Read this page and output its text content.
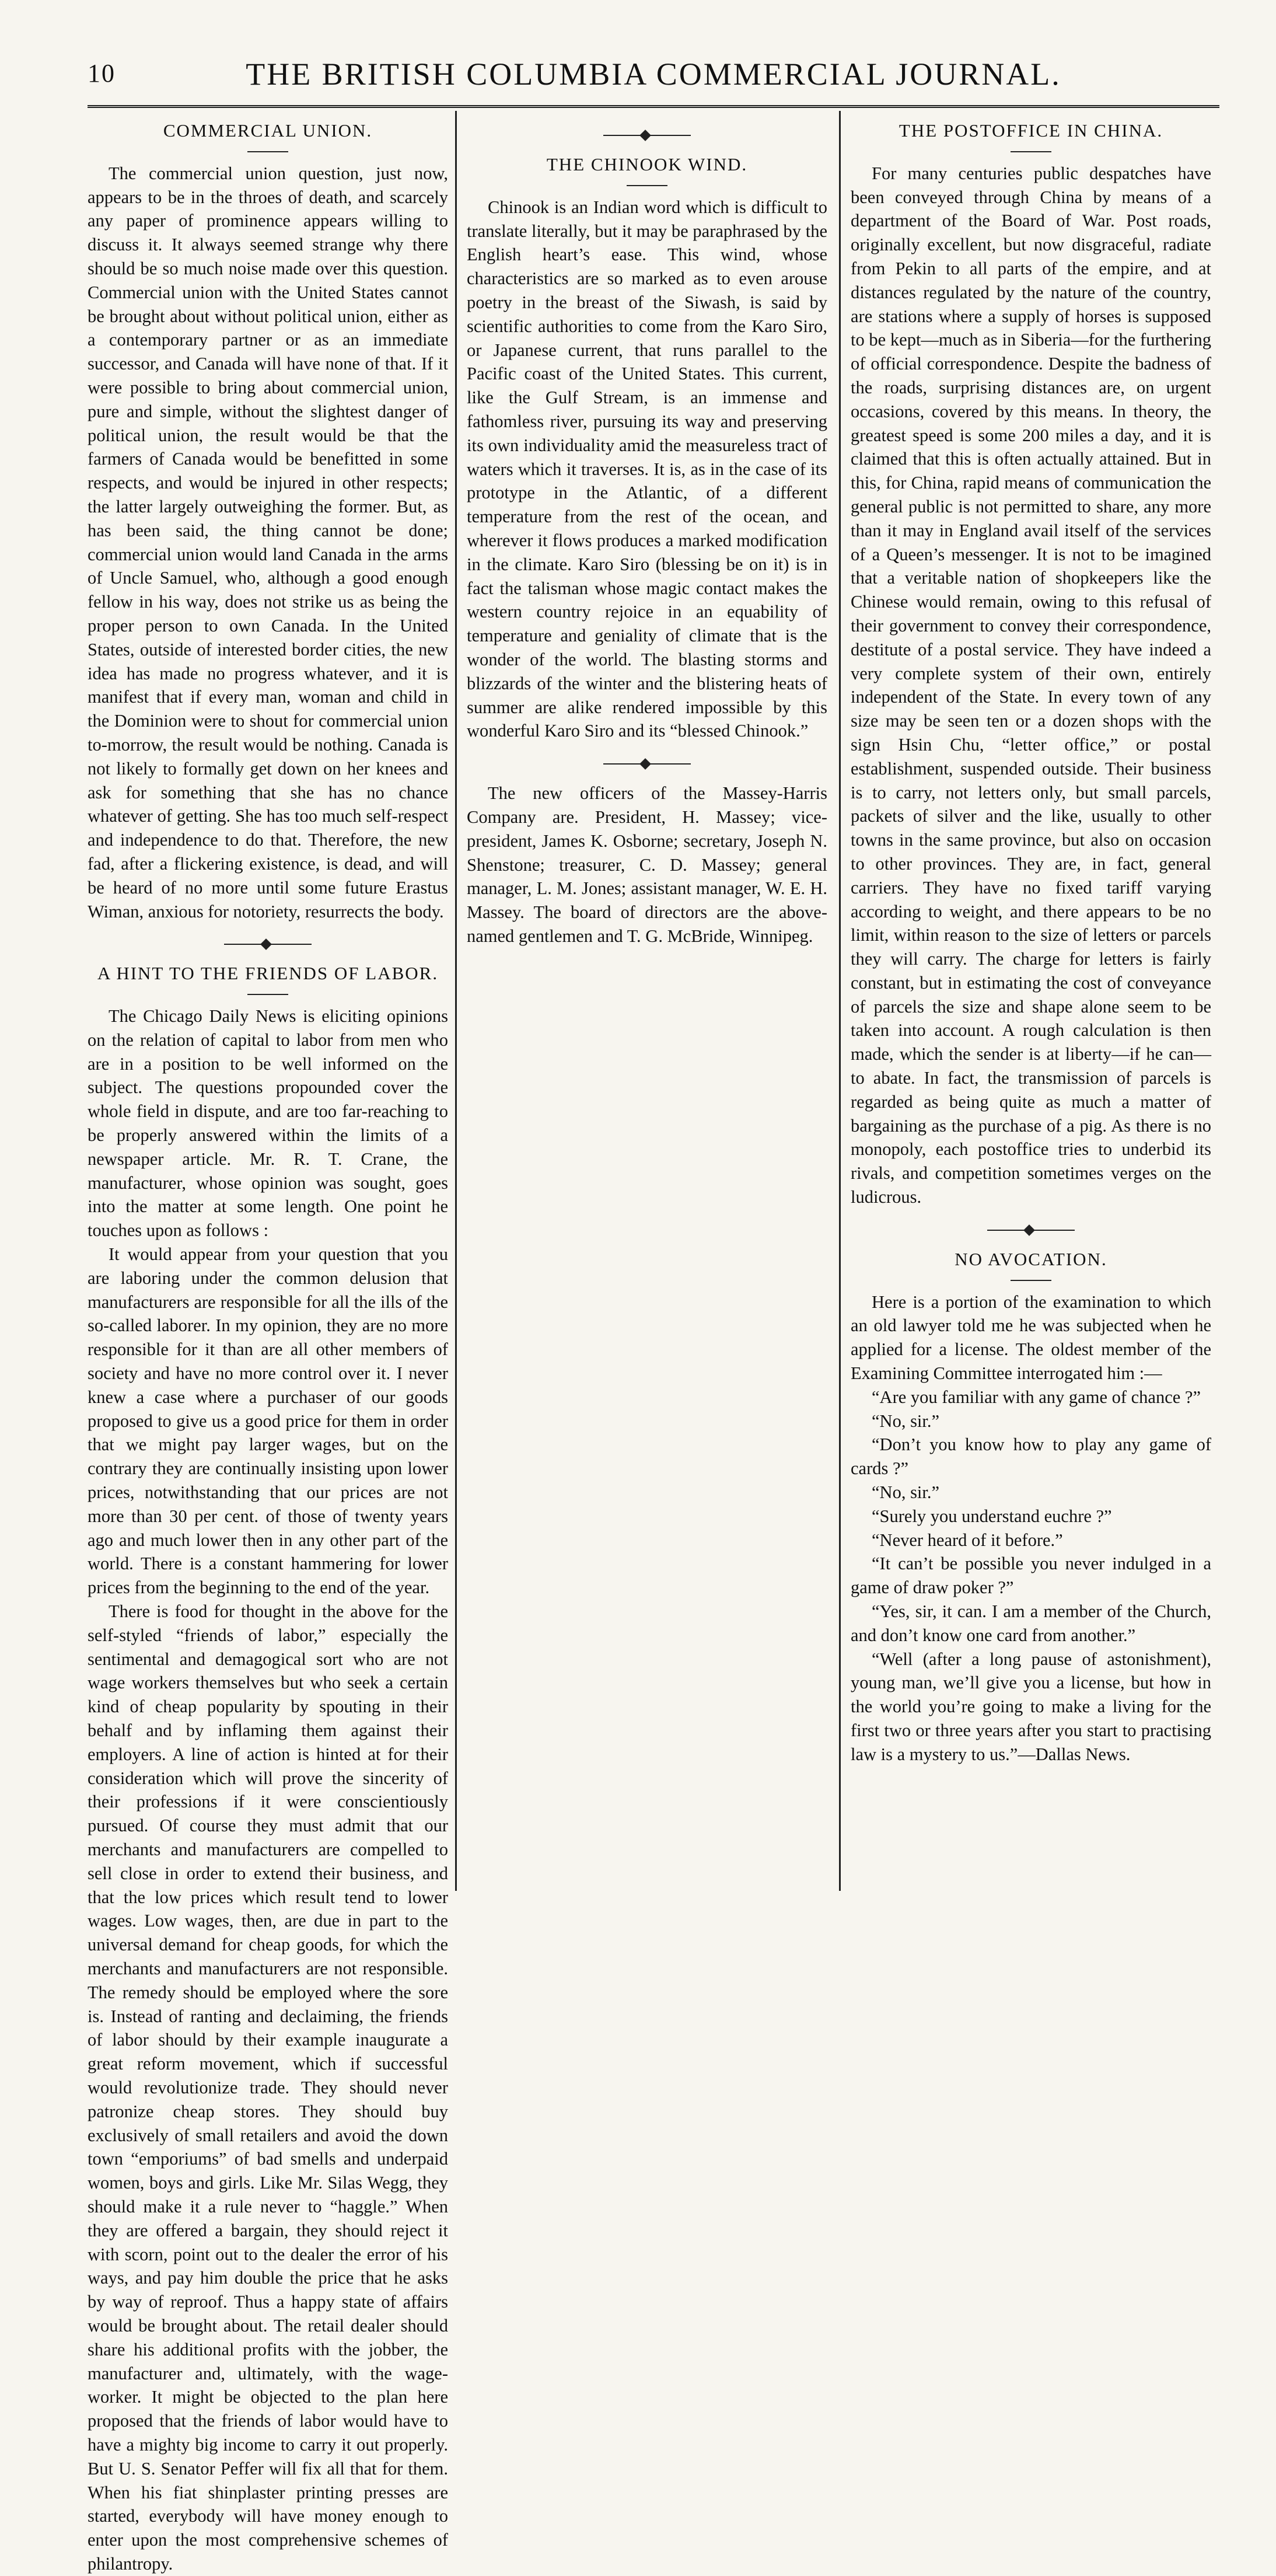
10	THE BRITISH COLUMBIA COMMERCIAL JOURNAL.
COMMERCIAL UNION.

The commercial union question, just now, appears to be in the throes of death, and scarcely any paper of prominence appears willing to discuss it. It always seemed strange why there should be so much noise made over this question. Commercial union with the United States cannot be brought about without political union, either as a contemporary partner or as an immediate successor, and Canada will have none of that. If it were possible to bring about commercial union, pure and simple, without the slightest danger of political union, the result would be that the farmers of Canada would be benefitted in some respects, and would be injured in other respects; the latter largely outweighing the former. But, as has been said, the thing cannot be done; commercial union would land Canada in the arms of Uncle Samuel, who, although a good enough fellow in his way, does not strike us as being the proper person to own Canada. In the United States, outside of interested border cities, the new idea has made no progress whatever, and it is manifest that if every man, woman and child in the Dominion were to shout for commercial union to-morrow, the result would be nothing. Canada is not likely to formally get down on her knees and ask for something that she has no chance whatever of getting. She has too much self-respect and independence to do that. Therefore, the new fad, after a flickering existence, is dead, and will be heard of no more until some future Erastus Wiman, anxious for notoriety, resurrects the body.

A HINT TO THE FRIENDS OF LABOR.

The Chicago Daily News is eliciting opinions on the relation of capital to labor from men who are in a position to be well informed on the subject. The questions propounded cover the whole field in dispute, and are too far-reaching to be properly answered within the limits of a newspaper article. Mr. R. T. Crane, the manufacturer, whose opinion was sought, goes into the matter at some length. One point he touches upon as follows :

It would appear from your question that you are laboring under the common delusion that manufacturers are responsible for all the ills of the so-called laborer. In my opinion, they are no more responsible for it than are all other members of society and have no more control over it. I never knew a case where a purchaser of our goods proposed to give us a good price for them in order that we might pay larger wages, but on the contrary they are continually insisting upon lower prices, notwithstanding that our prices are not more than 30 per cent. of those of twenty years ago and much lower then in any other part of the world. There is a constant hammering for lower prices from the beginning to the end of the year.

There is food for thought in the above for the self-styled “friends of labor,” especially the sentimental and demagogical sort who are not wage workers themselves but who seek a certain kind of cheap popularity by spouting in their behalf and by inflaming them against their employers. A line of action is hinted at for their consideration which will prove the sincerity of their professions if it were conscientiously pursued. Of course they must admit that our merchants and manufacturers are compelled to sell close in order to extend their business, and that the low prices which result tend to lower wages. Low wages, then, are due in part to the universal demand for cheap goods, for which the merchants and manufacturers are not responsible. The remedy should be employed where the sore is. Instead of ranting and declaiming, the friends of labor should by their example inaugurate a great reform movement, which if successful would revolutionize trade. They should never patronize cheap stores. They should buy exclusively of small retailers and avoid the down town “emporiums” of bad smells and underpaid women, boys and girls. Like Mr. Silas Wegg, they should make it a rule never to “haggle.” When they are offered a bargain, they should reject it with scorn, point out to the dealer the error of his ways, and pay him double the price that he asks by way of reproof. Thus a happy state of affairs would be brought about. The retail dealer should share his additional profits with the jobber, the manufacturer and, ultimately, with the wage-worker. It might be objected to the plan here proposed that the friends of labor would have to have a mighty big income to carry it out properly. But U. S. Senator Peffer will fix all that for them. When his fiat shinplaster printing presses are started, everybody will have money enough to enter upon the most comprehensive schemes of philantropy.

THE CHINOOK WIND.

Chinook is an Indian word which is difficult to translate literally, but it may be paraphrased by the English heart’s ease. This wind, whose characteristics are so marked as to even arouse poetry in the breast of the Siwash, is said by scientific authorities to come from the Karo Siro, or Japanese current, that runs parallel to the Pacific coast of the United States. This current, like the Gulf Stream, is an immense and fathomless river, pursuing its way and preserving its own individuality amid the measureless tract of waters which it traverses. It is, as in the case of its prototype in the Atlantic, of a different temperature from the rest of the ocean, and wherever it flows produces a marked modification in the climate. Karo Siro (blessing be on it) is in fact the talisman whose magic contact makes the western country rejoice in an equability of temperature and geniality of climate that is the wonder of the world. The blasting storms and blizzards of the winter and the blistering heats of summer are alike rendered impossible by this wonderful Karo Siro and its “blessed Chinook.”

The new officers of the Massey-Harris Company are. President, H. Massey; vice-president, James K. Osborne; secretary, Joseph N. Shenstone; treasurer, C. D. Massey; general manager, L. M. Jones; assistant manager, W. E. H. Massey. The board of directors are the above-named gentlemen and T. G. McBride, Winnipeg.

THE POSTOFFICE IN CHINA.

For many centuries public despatches have been conveyed through China by means of a department of the Board of War. Post roads, originally excellent, but now disgraceful, radiate from Pekin to all parts of the empire, and at distances regulated by the nature of the country, are stations where a supply of horses is supposed to be kept—much as in Siberia—for the furthering of official correspondence. Despite the badness of the roads, surprising distances are, on urgent occasions, covered by this means. In theory, the greatest speed is some 200 miles a day, and it is claimed that this is often actually attained. But in this, for China, rapid means of communication the general public is not permitted to share, any more than it may in England avail itself of the services of a Queen’s messenger. It is not to be imagined that a veritable nation of shopkeepers like the Chinese would remain, owing to this refusal of their government to convey their correspondence, destitute of a postal service. They have indeed a very complete system of their own, entirely independent of the State. In every town of any size may be seen ten or a dozen shops with the sign Hsin Chu, “letter office,” or postal establishment, suspended outside. Their business is to carry, not letters only, but small parcels, packets of silver and the like, usually to other towns in the same province, but also on occasion to other provinces. They are, in fact, general carriers. They have no fixed tariff varying according to weight, and there appears to be no limit, within reason to the size of letters or parcels they will carry. The charge for letters is fairly constant, but in estimating the cost of conveyance of parcels the size and shape alone seem to be taken into account. A rough calculation is then made, which the sender is at liberty—if he can—to abate. In fact, the transmission of parcels is regarded as being quite as much a matter of bargaining as the purchase of a pig. As there is no monopoly, each postoffice tries to underbid its rivals, and competition sometimes verges on the ludicrous.

NO AVOCATION.

Here is a portion of the examination to which an old lawyer told me he was subjected when he applied for a license. The oldest member of the Examining Committee interrogated him :—

“Are you familiar with any game of chance ?”

“No, sir.”

“Don’t you know how to play any game of cards ?”

“No, sir.”

“Surely you understand euchre ?”

“Never heard of it before.”

“It can’t be possible you never indulged in a game of draw poker ?”

“Yes, sir, it can. I am a member of the Church, and don’t know one card from another.”

“Well (after a long pause of astonishment), young man, we’ll give you a license, but how in the world you’re going to make a living for the first two or three years after you start to practising law is a mystery to us.”—Dallas News.
